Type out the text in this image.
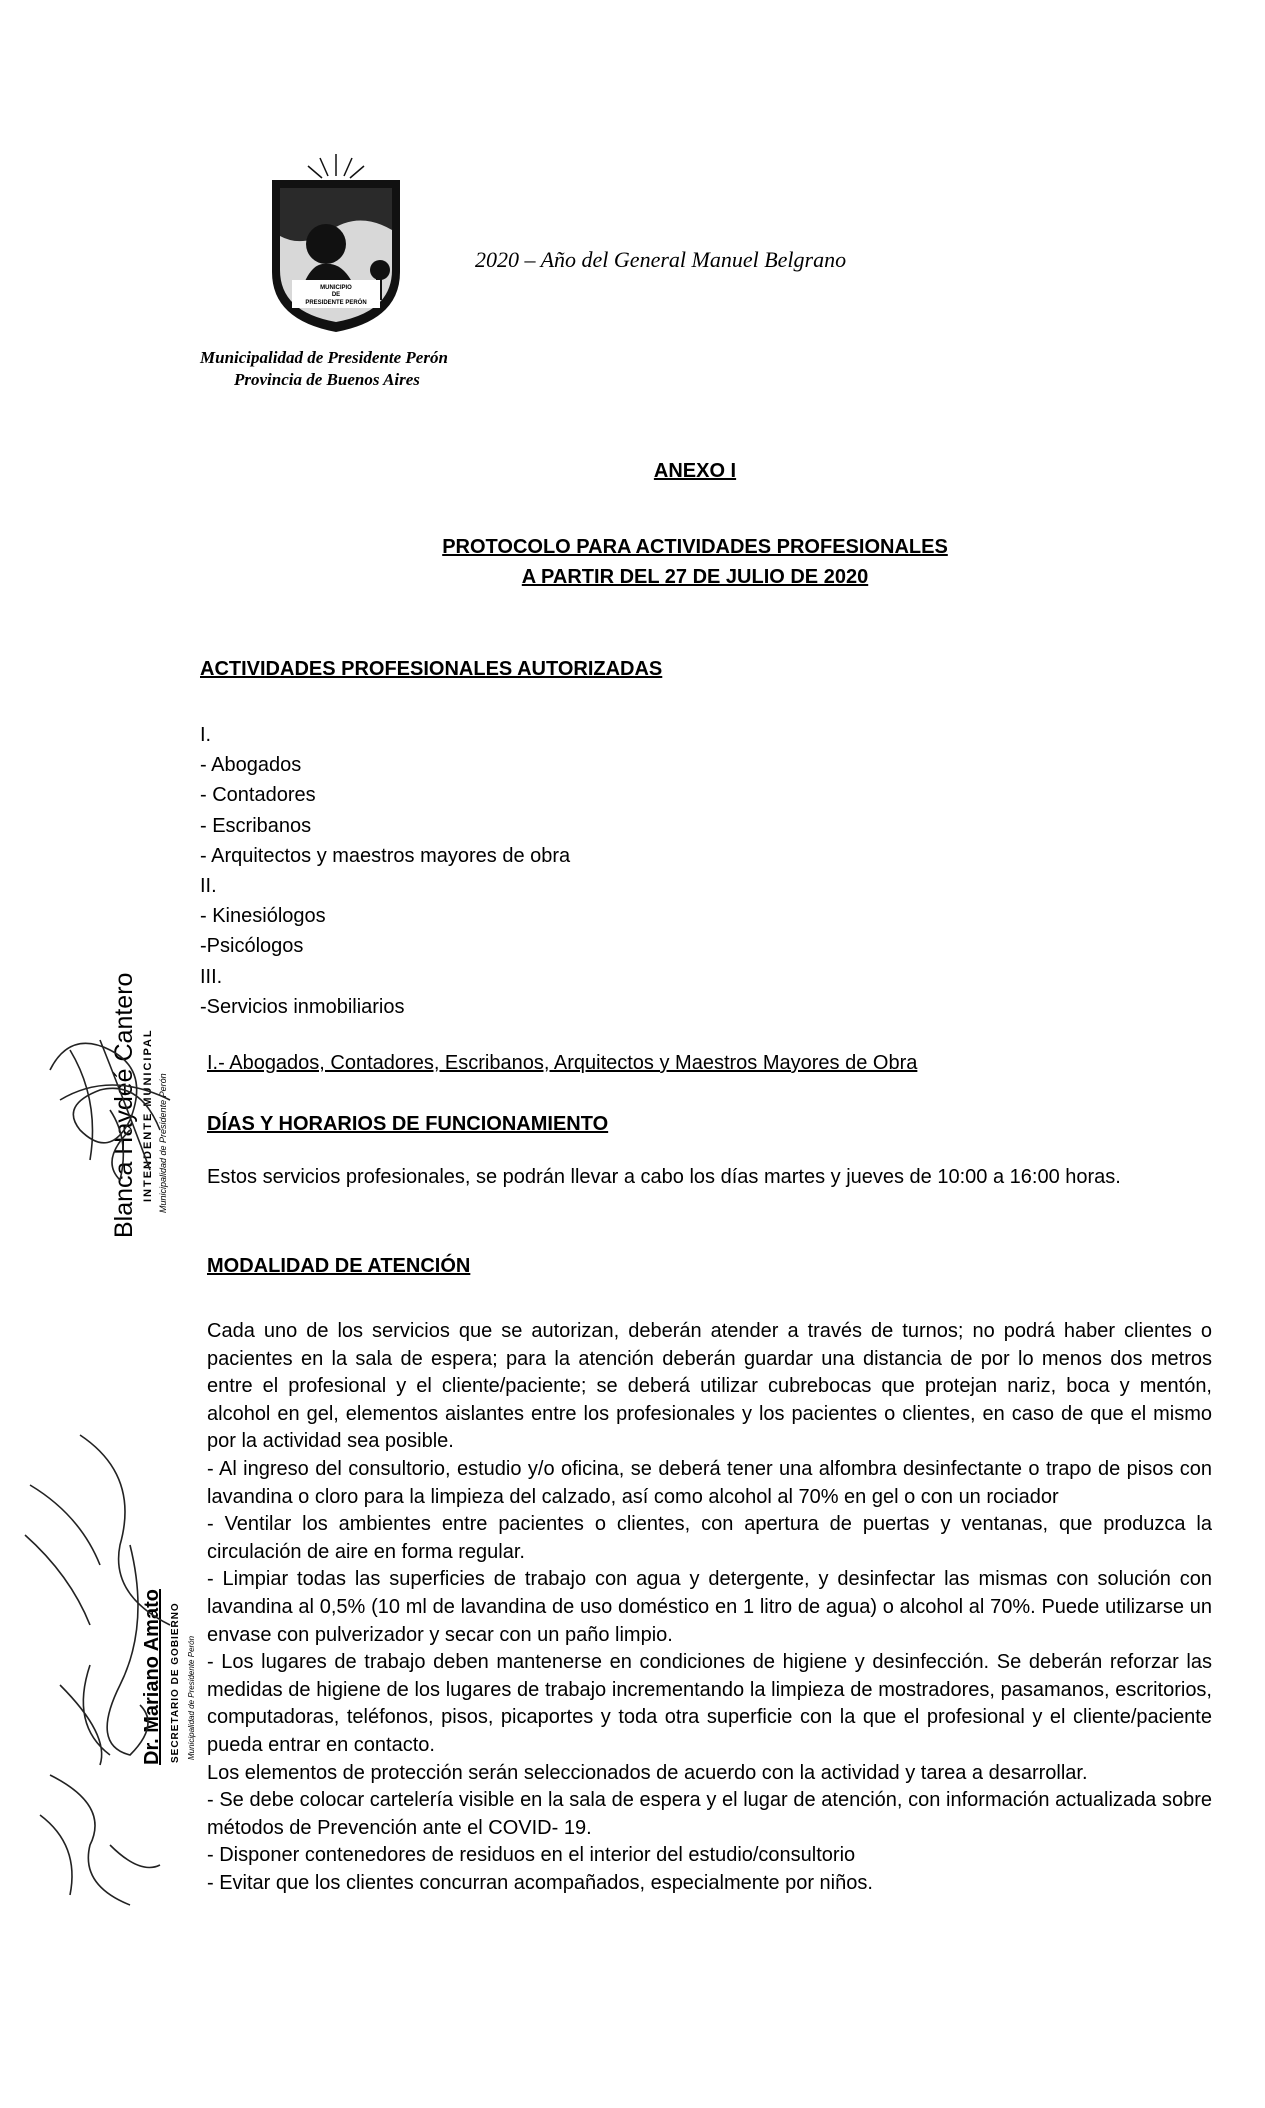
MUNICIPIO
DE
PRESIDENTE PERÓN
2020 – Año del General Manuel Belgrano
Municipalidad de Presidente Perón
Provincia de Buenos Aires
ANEXO I
PROTOCOLO PARA ACTIVIDADES PROFESIONALES
A PARTIR DEL 27 DE JULIO DE 2020
ACTIVIDADES PROFESIONALES AUTORIZADAS
I.
- Abogados
- Contadores
- Escribanos
- Arquitectos y maestros mayores de obra
II.
- Kinesiólogos
-Psicólogos
III.
-Servicios inmobiliarios
I.- Abogados, Contadores, Escribanos, Arquitectos y Maestros Mayores de Obra
DÍAS Y HORARIOS DE FUNCIONAMIENTO

Estos servicios profesionales, se podrán llevar a cabo los días martes y jueves de 10:00 a 16:00 horas.

MODALIDAD DE ATENCIÓN

Cada uno de los servicios que se autorizan, deberán atender a través de turnos; no podrá haber clientes o pacientes en la sala de espera; para la atención deberán guardar una distancia de por lo menos dos metros entre el profesional y el cliente/paciente; se deberá utilizar cubrebocas que protejan nariz, boca y mentón, alcohol en gel, elementos aislantes entre los profesionales y los pacientes o clientes, en caso de que el mismo por la actividad sea posible.

- Al ingreso del consultorio, estudio y/o oficina, se deberá tener una alfombra desinfectante o trapo de pisos con lavandina o cloro para la limpieza del calzado, así como alcohol al 70% en gel o con un rociador

- Ventilar los ambientes entre pacientes o clientes, con apertura de puertas y ventanas, que produzca la circulación de aire en forma regular.

- Limpiar todas las superficies de trabajo con agua y detergente, y desinfectar las mismas con solución con lavandina al 0,5% (10 ml de lavandina de uso doméstico en 1 litro de agua) o alcohol al 70%. Puede utilizarse un envase con pulverizador y secar con un paño limpio.

- Los lugares de trabajo deben mantenerse en condiciones de higiene y desinfección. Se deberán reforzar las medidas de higiene de los lugares de trabajo incrementando la limpieza de mostradores, pasamanos, escritorios, computadoras, teléfonos, pisos, picaportes y toda otra superficie con la que el profesional y el cliente/paciente pueda entrar en contacto.

Los elementos de protección serán seleccionados de acuerdo con la actividad y tarea a desarrollar.

- Se debe colocar cartelería visible en la sala de espera y el lugar de atención, con información actualizada sobre métodos de Prevención ante el COVID- 19.

- Disponer contenedores de residuos en el interior del estudio/consultorio

- Evitar que los clientes concurran acompañados, especialmente por niños.

Blanca Haydeé Cantero INTENDENTE MUNICIPAL Municipalidad de Presidente Perón
Dr. Mariano Amato SECRETARIO DE GOBIERNO Municipalidad de Presidente Perón
